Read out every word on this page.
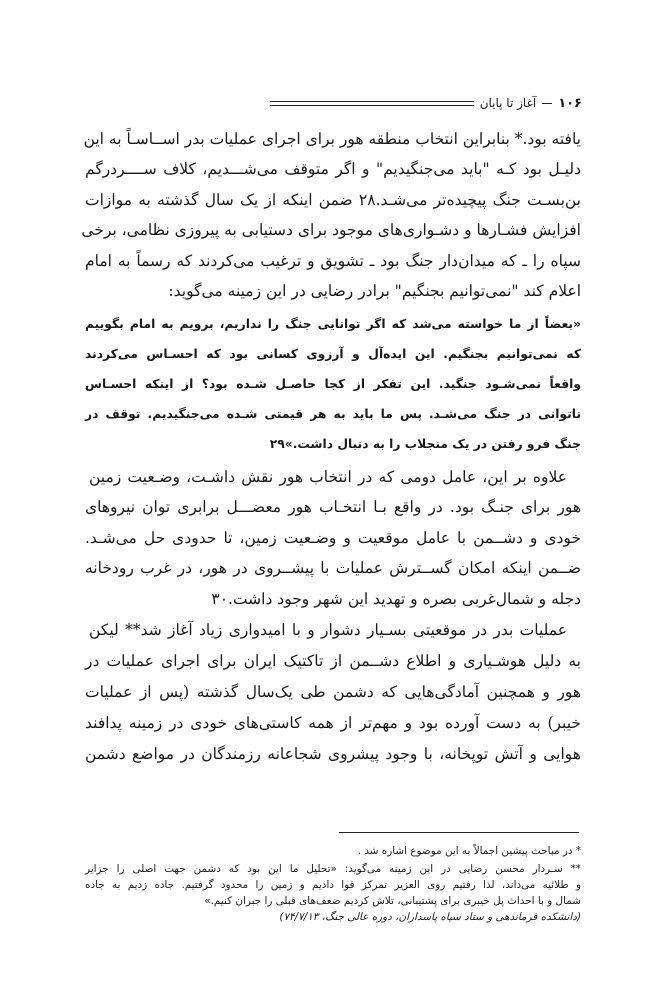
۱۰۶
آغاز تا پایان
یافته بود.* بنابراین انتخاب منطقه هور برای اجرای عملیات بدر اســاسـاً به این
دلیـل بود کـه "باید می‌جنگیدیم" و اگر متوقف می‌شـــدیم، کلاف ســــردرگم
بن‌بسـت جنگ پیچیده‌تر می‌شـد.۲۸ ضمن اینکه از یک سال گذشته به موازات
افزایش فشـارها و دشـواری‌های موجود برای دستیابی به پیروزی نظامی، برخی
سپاه را ـ که میدان‌دار جنگ بود ـ تشویق و ترغیب می‌کردند که رسماً به امام
اعلام کند "نمی‌توانیم بجنگیم" برادر رضایی در این زمینه می‌گوید:
«بعضاً از ما خواسته می‌شد که اگر توانایی جنگ را نداریم، برویم به امام بگوییم
که نمی‌توانیم بجنگیم. این ایده‌آل و آرزوی کسانی بود که احسـاس می‌کردند
واقعاً نمی‌شـود جنگید. این تفکر از کجا حاصـل شـده بود؟ از اینکه احسـاس
ناتوانی در جنگ می‌شـد. پس ما باید به هر قیمتی شـده می‌جنگیدیم. توقف در
جنگ فرو رفتن در یک منجلاب را به دنبال داشت.»۲۹
علاوه بر این، عامل دومی که در انتخاب هور نقش داشـت، وضـعیت زمین
هور برای جنـگ بود. در واقع بـا انتخـاب هور معضـــل برابری توان نیروهای
خودی و دشــمن با عامل موقعیت و وضـعیت زمین، تا حدودی حل می‌شـد.
ضــمن اینکه امکان گســترش عملیات با پیشــروی در هور، در غرب رودخانه
دجله و شمال‌غربی بصره و تهدید این شهر وجود داشت.۳۰
عملیات بدر در موقعیتی بسـیار دشوار و با امیدواری زیاد آغاز شد** لیکن
به دلیل هوشـیاری و اطلاع دشــمن از تاکتیک ایران برای اجرای عملیات در
هور و همچنین آمادگی‌هایی که دشمن طی یک‌سال گذشته (پس از عملیات
خیبر) به دست آورده بود و مهم‌تر از همه کاستی‌های خودی در زمینه پدافند
هوایی و آتش توپخانه، با وجود پیشروی شجاعانه رزمندگان در مواضع دشمن
* در مباحث پیشین اجمالاً به این موضوع اشاره شد .
** سـردار محسن رضایی در این زمینه می‌گوید: «تحلیل ما این بود که دشمن جهت اصلی را جزایر
و طلائیه می‌داند، لذا رفتیم روی العزیر تمرکز قوا دادیم و زمین را محدود گرفتیم. جاده زدیم به جاده
شمال و با احداث پل خیبری برای پشتیبانی، تلاش کردیم ضعف‌های قبلی را جبران کنیم.»
(دانشکده فرماندهی و ستاد سپاه پاسداران، دوره عالی جنگ، ۷۴/۷/۱۳)
